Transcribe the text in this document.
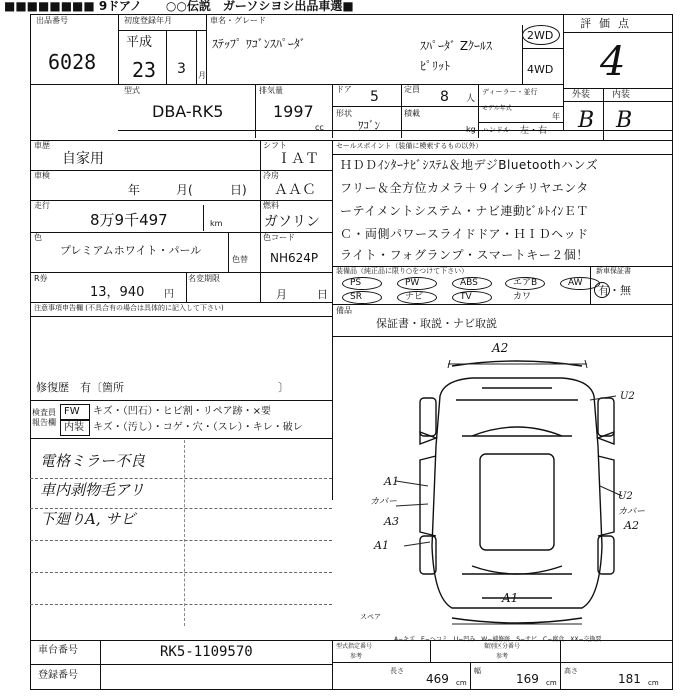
■■■■■■■■ 9ドアノ　　○○伝説　ガーソシヨシ出品車選■
出品番号
6028
初度登録年月
平成
23 3 月
車名・グレード
ｽﾃｯﾌﾟ ﾜｺﾞﾝｽﾊﾟｰﾀﾞ	ｽﾊﾟｰﾀﾞ Zｸｰﾙｽ
ﾋﾟﾘｯﾄ
2WD
4WD
評価点
4
型式
DBA-RK5
排気量
1997
cc
ドア 5	定員 8 人
ディーラー・並行
形状
ﾜｺﾞﾝ
積載
kg
モデル年式
年
ハンドル 左・右
外装 内装
B B
車歴
自家用
シフト
ＩＡＴ
車検
年	月(	日)
冷房
ＡＡＣ
走行
8万9千497	km
燃料
ガソリン
色
プレミアムホワイト・パール
色替
色コード
NH624P
R券
13，940 円
名変期限
月	日
注意事項申告欄 (不具合有の場合は具体的に記入して下さい)
修復歴　有〔箇所　　　　　　　　　　　　　　〕
検査員報告欄
FW キズ・（凹石）・ヒビ割・リペア跡・×要
内装 キズ・（汚し）・コゲ・穴・（スレ）・キレ・破レ
電格ミラー不良
車内剥物毛アリ
下廻りA, サビ
セールスポイント（装備に模索するもの以外）
ＨＤＤｲﾝﾀｰﾅﾋﾞｼｽﾃﾑ＆地デジBluetoothハンズ
フリー＆全方位カメラ＋９インチリヤエンタ
ーテイメントシステム・ナビ連動ﾋﾞﾙﾄｲﾝＥＴ
Ｃ・両側パワースライドドア・ＨＩＤヘッド
ライト・フォグランプ・スマートキー２個！
装備品（純正品に限り○をつけて下さい）	新車保証書
有・無
PS	PW	ABS	エアB	AW
SR	ナビ	TV	カワ
備品
保証書・取説・ナビ取説
A2
U2
A1
カバー
A3
A1
U2
カバー
A2
A1
スペア
A−キズ　E−ヘコミ　U−凹み　W−補修跡　S−サビ　C−腐食　XX−交換要
車台番号	RK5-1109570
登録番号
型式指定番号
参考
類別区分番号
参考
長さ
469 cm
幅
169 cm
高さ
181 cm
